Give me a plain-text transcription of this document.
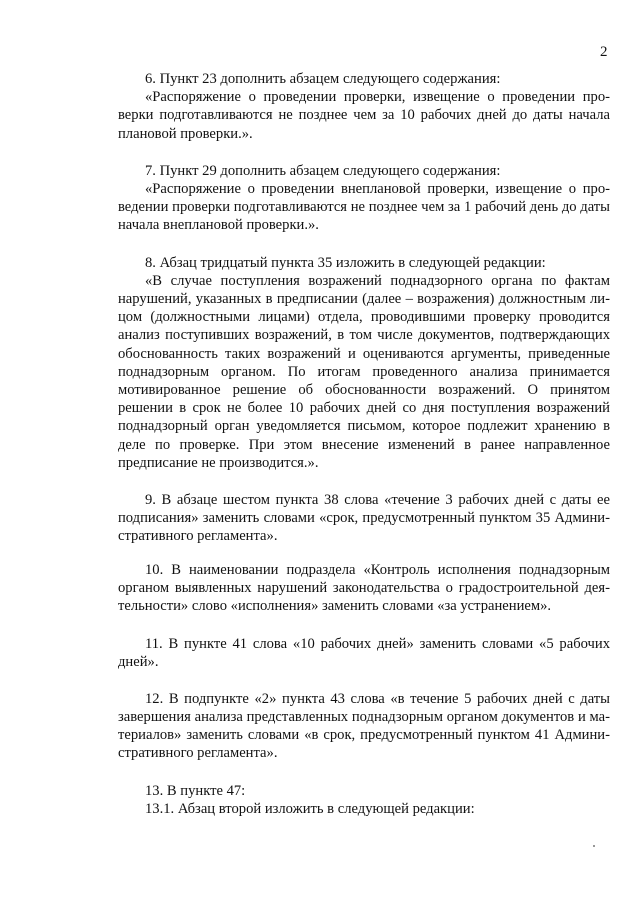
2

6. Пункт 23 дополнить абзацем следующего содержания:

«Распоряжение о проведении проверки, извещение о проведении проверки подготавливаются не позднее чем за 10 рабочих дней до даты начала плановой проверки.».

7. Пункт 29 дополнить абзацем следующего содержания:

«Распоряжение о проведении внеплановой проверки, извещение о проведении проверки подготавливаются не позднее чем за 1 рабочий день до даты начала внеплановой проверки.».

8. Абзац тридцатый пункта 35 изложить в следующей редакции:

«В случае поступления возражений поднадзорного органа по фактам нарушений, указанных в предписании (далее – возражения) должностным лицом (должностными лицами) отдела, проводившими проверку проводится анализ поступивших возражений, в том числе документов, подтверждающих обоснованность таких возражений и оцениваются аргументы, приведенные поднадзорным органом. По итогам проведенного анализа принимается мотивированное решение об обоснованности возражений. О принятом решении в срок не более 10 рабочих дней со дня поступления возражений поднадзорный орган уведомляется письмом, которое подлежит хранению в деле по проверке. При этом внесение изменений в ранее направленное предписание не производится.».

9. В абзаце шестом пункта 38 слова «течение 3 рабочих дней с даты ее подписания» заменить словами «срок, предусмотренный пунктом 35 Административного регламента».

10. В наименовании подраздела «Контроль исполнения поднадзорным органом выявленных нарушений законодательства о градостроительной деятельности» слово «исполнения» заменить словами «за устранением».

11. В пункте 41 слова «10 рабочих дней» заменить словами «5 рабочих дней».

12. В подпункте «2» пункта 43 слова «в течение 5 рабочих дней с даты завершения анализа представленных поднадзорным органом документов и материалов» заменить словами «в срок, предусмотренный пунктом 41 Административного регламента».

13. В пункте 47:

13.1. Абзац второй изложить в следующей редакции:
